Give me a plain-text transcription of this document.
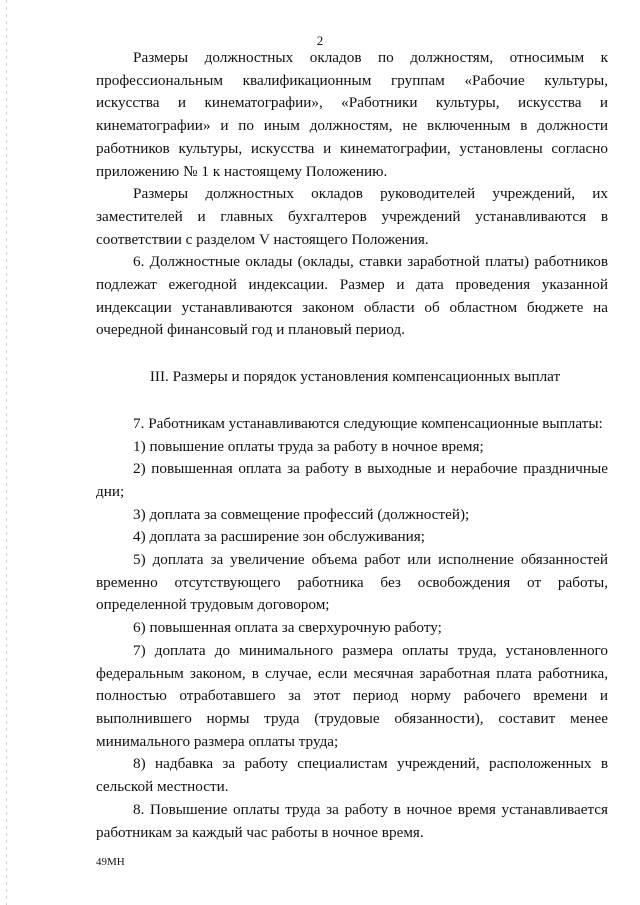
2

Размеры должностных окладов по должностям, относимым к профессиональным квалификационным группам «Рабочие культуры, искусства и кинематографии», «Работники культуры, искусства и кинематографии» и по иным должностям, не включенным в должности работников культуры, искусства и кинематографии, установлены согласно приложению № 1 к настоящему Положению.

Размеры должностных окладов руководителей учреждений, их заместителей и главных бухгалтеров учреждений устанавливаются в соответствии с разделом V настоящего Положения.

6. Должностные оклады (оклады, ставки заработной платы) работников подлежат ежегодной индексации. Размер и дата проведения указанной индексации устанавливаются законом области об областном бюджете на очередной финансовый год и плановый период.

III. Размеры и порядок установления компенсационных выплат

7. Работникам устанавливаются следующие компенсационные выплаты:

1) повышение оплаты труда за работу в ночное время;

2) повышенная оплата за работу в выходные и нерабочие праздничные дни;

3) доплата за совмещение профессий (должностей);

4) доплата за расширение зон обслуживания;

5) доплата за увеличение объема работ или исполнение обязанностей временно отсутствующего работника без освобождения от работы, определенной трудовым договором;

6) повышенная оплата за сверхурочную работу;

7) доплата до минимального размера оплаты труда, установленного федеральным законом, в случае, если месячная заработная плата работника, полностью отработавшего за этот период норму рабочего времени и выполнившего нормы труда (трудовые обязанности), составит менее минимального размера оплаты труда;

8) надбавка за работу специалистам учреждений, расположенных в сельской местности.

8. Повышение оплаты труда за работу в ночное время устанавливается работникам за каждый час работы в ночное время.

49МН
